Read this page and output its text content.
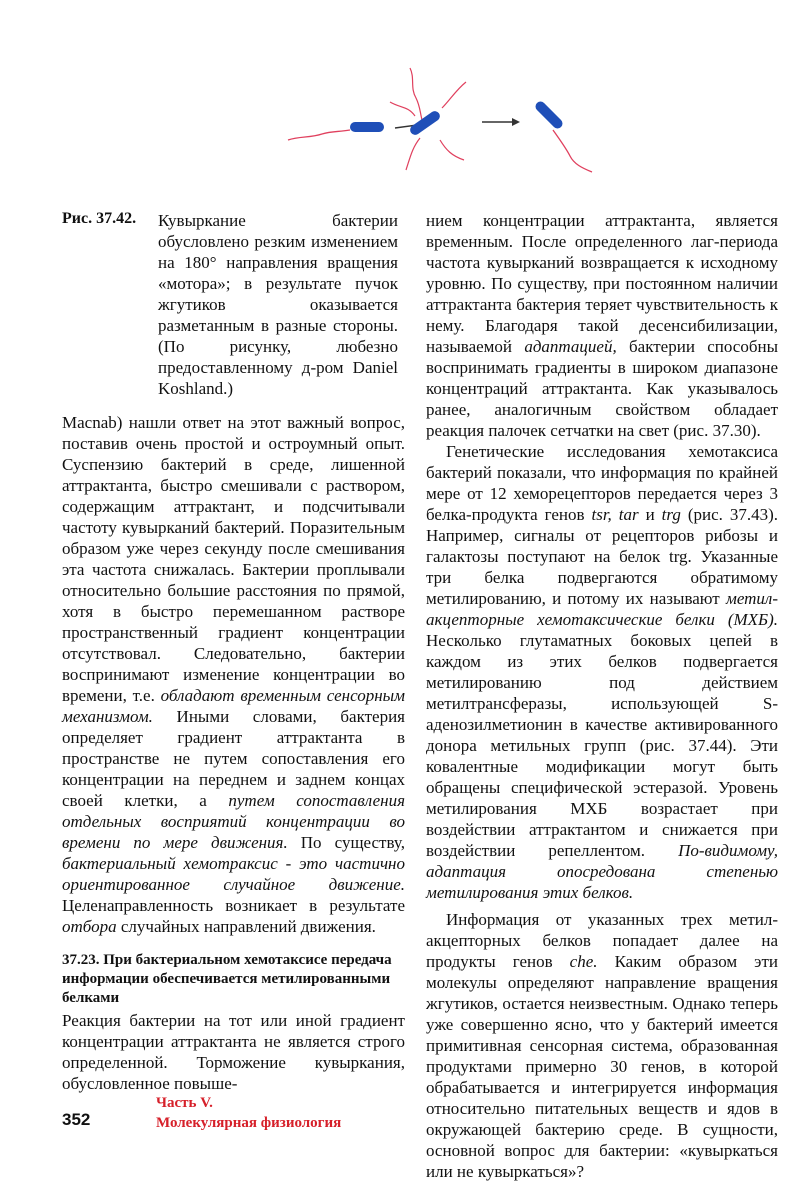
Рис. 37.42. Кувыркание бактерии обусловлено резким изменением на 180° направления вращения «мотора»; в результате пучок жгутиков оказывается разметанным в разные стороны. (По рисунку, любезно предоставленному д-ром Daniel Koshland.)

Macnab) нашли ответ на этот важный вопрос, поставив очень простой и остроумный опыт. Суспензию бактерий в среде, лишенной аттрактанта, быстро смешивали с раствором, содержащим аттрактант, и подсчитывали частоту кувырканий бактерий. Поразительным образом уже через секунду после смешивания эта частота снижалась. Бактерии проплывали относительно большие расстояния по прямой, хотя в быстро перемешанном растворе пространственный градиент концентрации отсутствовал. Следовательно, бактерии воспринимают изменение концентрации во времени, т.е. обладают временным сенсорным механизмом. Иными словами, бактерия определяет градиент аттрактанта в пространстве не путем сопоставления его концентрации на переднем и заднем концах своей клетки, а путем сопоставления отдельных восприятий концентрации во времени по мере движения. По существу, бактериальный хемотраксис - это частично ориентированное случайное движение. Целенаправленность возникает в результате отбора случайных направлений движения.

37.23. При бактериальном хемотаксисе передача информации обеспечивается метилированными белками

Реакция бактерии на тот или иной градиент концентрации аттрактанта не является строго определенной. Торможение кувыркания, обусловленное повыше-

нием концентрации аттрактанта, является временным. После определенного лаг-периода частота кувырканий возвращается к исходному уровню. По существу, при постоянном наличии аттрактанта бактерия теряет чувствительность к нему. Благодаря такой десенсибилизации, называемой адаптацией, бактерии способны воспринимать градиенты в широком диапазоне концентраций аттрактанта. Как указывалось ранее, аналогичным свойством обладает реакция палочек сетчатки на свет (рис. 37.30).

Генетические исследования хемотаксиса бактерий показали, что информация по крайней мере от 12 хеморецепторов передается через 3 белка-продукта генов tsr, tar и trg (рис. 37.43). Например, сигналы от рецепторов рибозы и галактозы поступают на белок trg. Указанные три белка подвергаются обратимому метилированию, и потому их называют метил-акцепторные хемотаксические белки (МХБ). Несколько глутаматных боковых цепей в каждом из этих белков подвергается метилированию под действием метилтрансферазы, использующей S-аденозилметионин в качестве активированного донора метильных групп (рис. 37.44). Эти ковалентные модификации могут быть обращены специфической эстеразой. Уровень метилирования МХБ возрастает при воздействии аттрактантом и снижается при воздействии репеллентом. По-видимому, адаптация опосредована степенью метилирования этих белков.

Информация от указанных трех метил-акцепторных белков попадает далее на продукты генов che. Каким образом эти молекулы определяют направление вращения жгутиков, остается неизвестным. Однако теперь уже совершенно ясно, что у бактерий имеется примитивная сенсорная система, образованная продуктами примерно 30 генов, в которой обрабатывается и интегрируется информация относительно питательных веществ и ядов в окружающей бактерию среде. В сущности, основной вопрос для бактерии: «кувыркаться или не кувыркаться»?

352
Часть V.
Молекулярная физиология
